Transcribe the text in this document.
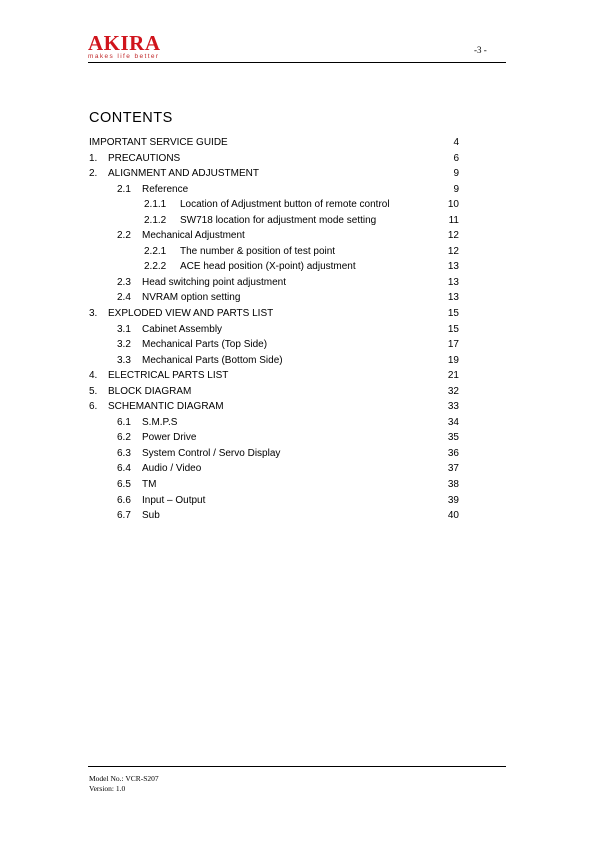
AKIRA
makes life better
-3 -
CONTENTS
IMPORTANT SERVICE GUIDE	4
1. PRECAUTIONS	6
2. ALIGNMENT AND ADJUSTMENT	9
2.1 Reference	9
2.1.1 Location of Adjustment button of remote control	10
2.1.2 SW718 location for adjustment mode setting	11
2.2 Mechanical Adjustment	12
2.2.1 The number & position of test point	12
2.2.2 ACE head position (X-point) adjustment	13
2.3 Head switching point adjustment	13
2.4 NVRAM option setting	13
3. EXPLODED VIEW AND PARTS LIST	15
3.1 Cabinet Assembly	15
3.2 Mechanical Parts (Top Side)	17
3.3 Mechanical Parts (Bottom Side)	19
4. ELECTRICAL PARTS LIST	21
5. BLOCK DIAGRAM	32
6. SCHEMANTIC DIAGRAM	33
6.1 S.M.P.S	34
6.2 Power Drive	35
6.3 System Control / Servo Display	36
6.4 Audio / Video	37
6.5 TM	38
6.6 Input – Output	39
6.7 Sub	40
Model No.: VCR-S207
Version: 1.0
